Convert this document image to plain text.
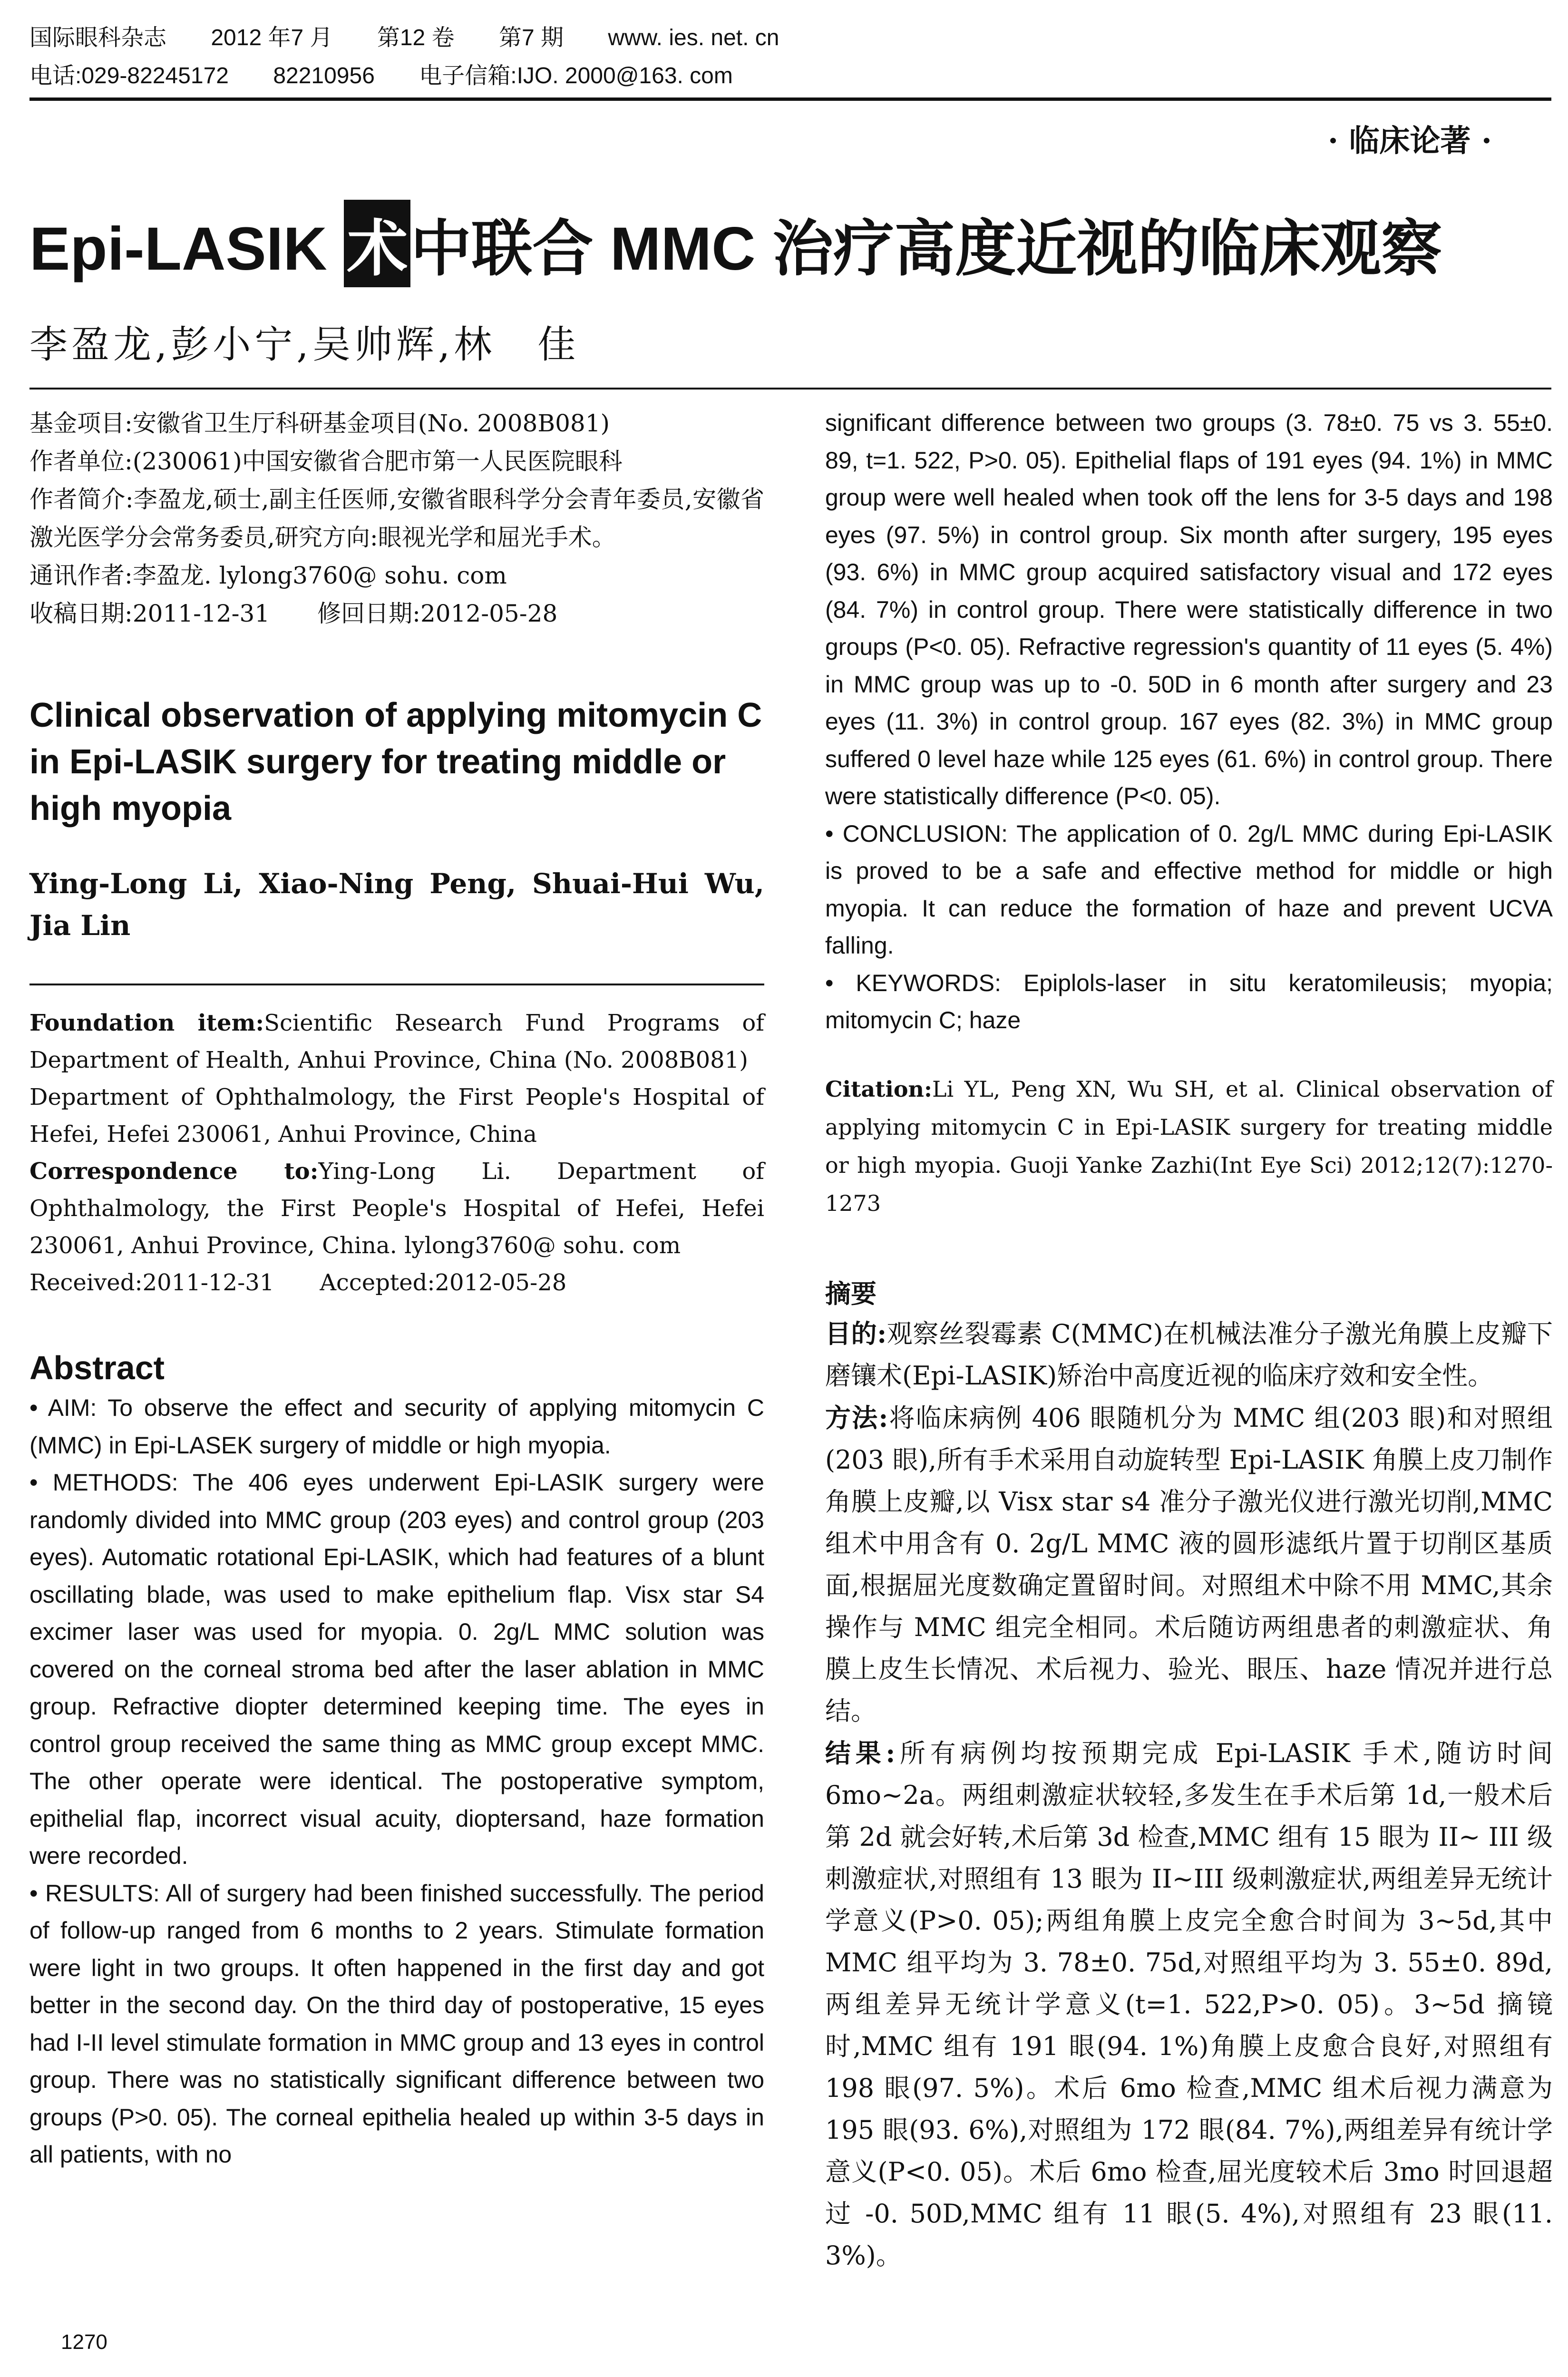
国际眼科杂志 2012 年7 月 第12 卷 第7 期 www. ies. net. cn
电话:029-82245172 82210956 电子信箱:IJO. 2000@163. com
· 临床论著 ·
Epi-LASIK 术中联合 MMC 治疗高度近视的临床观察
李盈龙,彭小宁,吴帅辉,林　佳

基金项目:安徽省卫生厅科研基金项目(No. 2008B081)

作者单位:(230061)中国安徽省合肥市第一人民医院眼科

作者简介:李盈龙,硕士,副主任医师,安徽省眼科学分会青年委员,安徽省激光医学分会常务委员,研究方向:眼视光学和屈光手术。

通讯作者:李盈龙. lylong3760@ sohu. com

收稿日期:2011-12-31　　修回日期:2012-05-28

Clinical observation of applying mitomycin C in Epi-LASIK surgery for treating middle or high myopia
Ying-Long Li, Xiao-Ning Peng, Shuai-Hui Wu, Jia Lin

Foundation item:Scientific Research Fund Programs of Department of Health, Anhui Province, China (No. 2008B081)

Department of Ophthalmology, the First People's Hospital of Hefei, Hefei 230061, Anhui Province, China

Correspondence to:Ying-Long Li. Department of Ophthalmology, the First People's Hospital of Hefei, Hefei 230061, Anhui Province, China. lylong3760@ sohu. com

Received:2011-12-31　　Accepted:2012-05-28

Abstract

• AIM: To observe the effect and security of applying mitomycin C (MMC) in Epi-LASEK surgery of middle or high myopia.

• METHODS: The 406 eyes underwent Epi-LASIK surgery were randomly divided into MMC group (203 eyes) and control group (203 eyes). Automatic rotational Epi-LASIK, which had features of a blunt oscillating blade, was used to make epithelium flap. Visx star S4 excimer laser was used for myopia. 0. 2g/L MMC solution was covered on the corneal stroma bed after the laser ablation in MMC group. Refractive diopter determined keeping time. The eyes in control group received the same thing as MMC group except MMC. The other operate were identical. The postoperative symptom, epithelial flap, incorrect visual acuity, dioptersand, haze formation were recorded.

• RESULTS: All of surgery had been finished successfully. The period of follow-up ranged from 6 months to 2 years. Stimulate formation were light in two groups. It often happened in the first day and got better in the second day. On the third day of postoperative, 15 eyes had I-II level stimulate formation in MMC group and 13 eyes in control group. There was no statistically significant difference between two groups (P>0. 05). The corneal epithelia healed up within 3-5 days in all patients, with no

significant difference between two groups (3. 78±0. 75 vs 3. 55±0. 89, t=1. 522, P>0. 05). Epithelial flaps of 191 eyes (94. 1%) in MMC group were well healed when took off the lens for 3-5 days and 198 eyes (97. 5%) in control group. Six month after surgery, 195 eyes (93. 6%) in MMC group acquired satisfactory visual and 172 eyes (84. 7%) in control group. There were statistically difference in two groups (P<0. 05). Refractive regression's quantity of 11 eyes (5. 4%) in MMC group was up to -0. 50D in 6 month after surgery and 23 eyes (11. 3%) in control group. 167 eyes (82. 3%) in MMC group suffered 0 level haze while 125 eyes (61. 6%) in control group. There were statistically difference (P<0. 05).

• CONCLUSION: The application of 0. 2g/L MMC during Epi-LASIK is proved to be a safe and effective method for middle or high myopia. It can reduce the formation of haze and prevent UCVA falling.

• KEYWORDS: Epiplols-laser in situ keratomileusis; myopia; mitomycin C; haze

Citation:Li YL, Peng XN, Wu SH, et al. Clinical observation of applying mitomycin C in Epi-LASIK surgery for treating middle or high myopia. Guoji Yanke Zazhi(Int Eye Sci) 2012;12(7):1270-1273
摘要

目的:观察丝裂霉素 C(MMC)在机械法准分子激光角膜上皮瓣下磨镶术(Epi-LASIK)矫治中高度近视的临床疗效和安全性。

方法:将临床病例 406 眼随机分为 MMC 组(203 眼)和对照组(203 眼),所有手术采用自动旋转型 Epi-LASIK 角膜上皮刀制作角膜上皮瓣,以 Visx star s4 准分子激光仪进行激光切削,MMC 组术中用含有 0. 2g/L MMC 液的圆形滤纸片置于切削区基质面,根据屈光度数确定置留时间。对照组术中除不用 MMC,其余操作与 MMC 组完全相同。术后随访两组患者的刺激症状、角膜上皮生长情况、术后视力、验光、眼压、haze 情况并进行总结。

结果:所有病例均按预期完成 Epi-LASIK 手术,随访时间 6mo~2a。两组刺激症状较轻,多发生在手术后第 1d,一般术后第 2d 就会好转,术后第 3d 检查,MMC 组有 15 眼为 II~ III 级刺激症状,对照组有 13 眼为 II~III 级刺激症状,两组差异无统计学意义(P>0. 05);两组角膜上皮完全愈合时间为 3~5d,其中 MMC 组平均为 3. 78±0. 75d,对照组平均为 3. 55±0. 89d,两组差异无统计学意义(t=1. 522,P>0. 05)。3~5d 摘镜时,MMC 组有 191 眼(94. 1%)角膜上皮愈合良好,对照组有 198 眼(97. 5%)。术后 6mo 检查,MMC 组术后视力满意为 195 眼(93. 6%),对照组为 172 眼(84. 7%),两组差异有统计学意义(P<0. 05)。术后 6mo 检查,屈光度较术后 3mo 时回退超过 -0. 50D,MMC 组有 11 眼(5. 4%),对照组有 23 眼(11. 3%)。

1270
